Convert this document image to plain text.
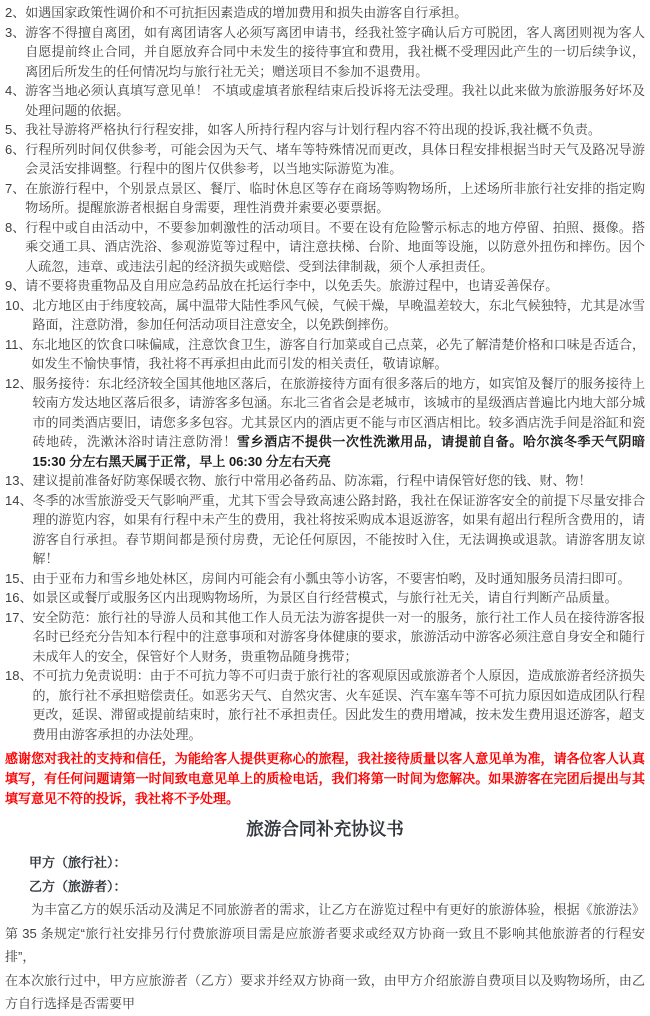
2、 如遇国家政策性调价和不可抗拒因素造成的增加费用和损失由游客自行承担。
3、 游客不得擅自离团，如有离团请客人必须写离团申请书，经我社签字确认后方可脱团，客人离团则视为客人自愿提前终止合同，并自愿放弃合同中未发生的接待事宜和费用，我社概不受理因此产生的一切后续争议，离团后所发生的任何情况均与旅行社无关；赠送项目不参加不退费用。
4、 游客当地必须认真填写意见单！ 不填或虚填者旅程结束后投诉将无法受理。我社以此来做为旅游服务好坏及处理问题的依据。
5、 我社导游将严格执行行程安排，如客人所持行程内容与计划行程内容不符出现的投诉,我社概不负责。
6、 行程所列时间仅供参考，可能会因为天气、堵车等特殊情况而更改，具体日程安排根据当时天气及路况导游会灵活安排调整。行程中的图片仅供参考，以当地实际游览为准。
7、 在旅游行程中，个别景点景区、餐厅、临时休息区等存在商场等购物场所，上述场所非旅行社安排的指定购物场所。提醒旅游者根据自身需要，理性消费并索要必要票据。
8、 行程中或自由活动中，不要参加刺激性的活动项目。不要在设有危险警示标志的地方停留、拍照、摄像。搭乘交通工具、酒店洗浴、参观游览等过程中，请注意扶梯、台阶、地面等设施，以防意外扭伤和摔伤。因个人疏忽，违章、或违法引起的经济损失或赔偿、受到法律制裁，须个人承担责任。
9、 请不要将贵重物品及自用应急药品放在托运行李中，以免丢失。旅游过程中，也请妥善保存。
10、 北方地区由于纬度较高，属中温带大陆性季风气候，气候干燥，早晚温差较大，东北气候独特，尤其是冰雪路面，注意防滑，参加任何活动项目注意安全，以免跌倒摔伤。
11、 东北地区的饮食口味偏咸，注意饮食卫生，游客自行加菜或自己点菜，必先了解清楚价格和口味是否适合，如发生不愉快事情，我社将不再承担由此而引发的相关责任，敬请谅解。
12、 服务接待：东北经济较全国其他地区落后，在旅游接待方面有很多落后的地方，如宾馆及餐厅的服务接待上较南方发达地区落后很多，请游客多包涵。东北三省省会是老城市，该城市的星级酒店普遍比内地大部分城市的同类酒店要旧，请您多多包容。尤其景区内的酒店更不能与市区酒店相比。较多酒店洗手间是浴缸和瓷砖地砖，洗漱沐浴时请注意防滑！雪乡酒店不提供一次性洗漱用品，请提前自备。哈尔滨冬季天气阴暗 15:30 分左右黑天属于正常，早上 06:30 分左右天亮
13、 建议提前准备好防寒保暖衣物、旅行中常用必备药品、防冻霜，行程中请保管好您的钱、财、物！
14、 冬季的冰雪旅游受天气影响严重，尤其下雪会导致高速公路封路，我社在保证游客安全的前提下尽量安排合理的游览内容，如果有行程中未产生的费用，我社将按采购成本退返游客，如果有超出行程所含费用的，请游客自行承担。春节期间都是预付房费，无论任何原因，不能按时入住，无法调换或退款。请游客朋友谅解！
15、 由于亚布力和雪乡地处林区，房间内可能会有小瓢虫等小访客，不要害怕哟，及时通知服务员清扫即可。
16、 如景区或餐厅或服务区内出现购物场所，为景区自行经营模式，与旅行社无关，请自行判断产品质量。
17、 安全防范：旅行社的导游人员和其他工作人员无法为游客提供一对一的服务，旅行社工作人员在接待游客报名时已经充分告知本行程中的注意事项和对游客身体健康的要求，旅游活动中游客必须注意自身安全和随行未成年人的安全，保管好个人财务，贵重物品随身携带；
18、 不可抗力免责说明：由于不可抗力等不可归责于旅行社的客观原因或旅游者个人原因，造成旅游者经济损失的，旅行社不承担赔偿责任。如恶劣天气、自然灾害、火车延误、汽车塞车等不可抗力原因如造成团队行程更改，延误、滞留或提前结束时，旅行社不承担责任。因此发生的费用增减，按未发生费用退还游客，超支费用由游客承担的办法处理。

感谢您对我社的支持和信任，为能给客人提供更称心的旅程，我社接待质量以客人意见单为准，请各位客人认真填写，有任何问题请第一时间致电意见单上的质检电话，我们将第一时间为您解决。如果游客在完团后提出与其填写意见不符的投诉，我社将不予处理。

旅游合同补充协议书

甲方（旅行社）：

乙方（旅游者）：

为丰富乙方的娱乐活动及满足不同旅游者的需求，让乙方在游览过程中有更好的旅游体验，根据《旅游法》第 35 条规定“旅行社安排另行付费旅游项目需是应旅游者要求或经双方协商一致且不影响其他旅游者的行程安排”，

在本次旅行过中，甲方应旅游者（乙方）要求并经双方协商一致，由甲方介绍旅游自费项目以及购物场所，由乙方自行选择是否需要甲
